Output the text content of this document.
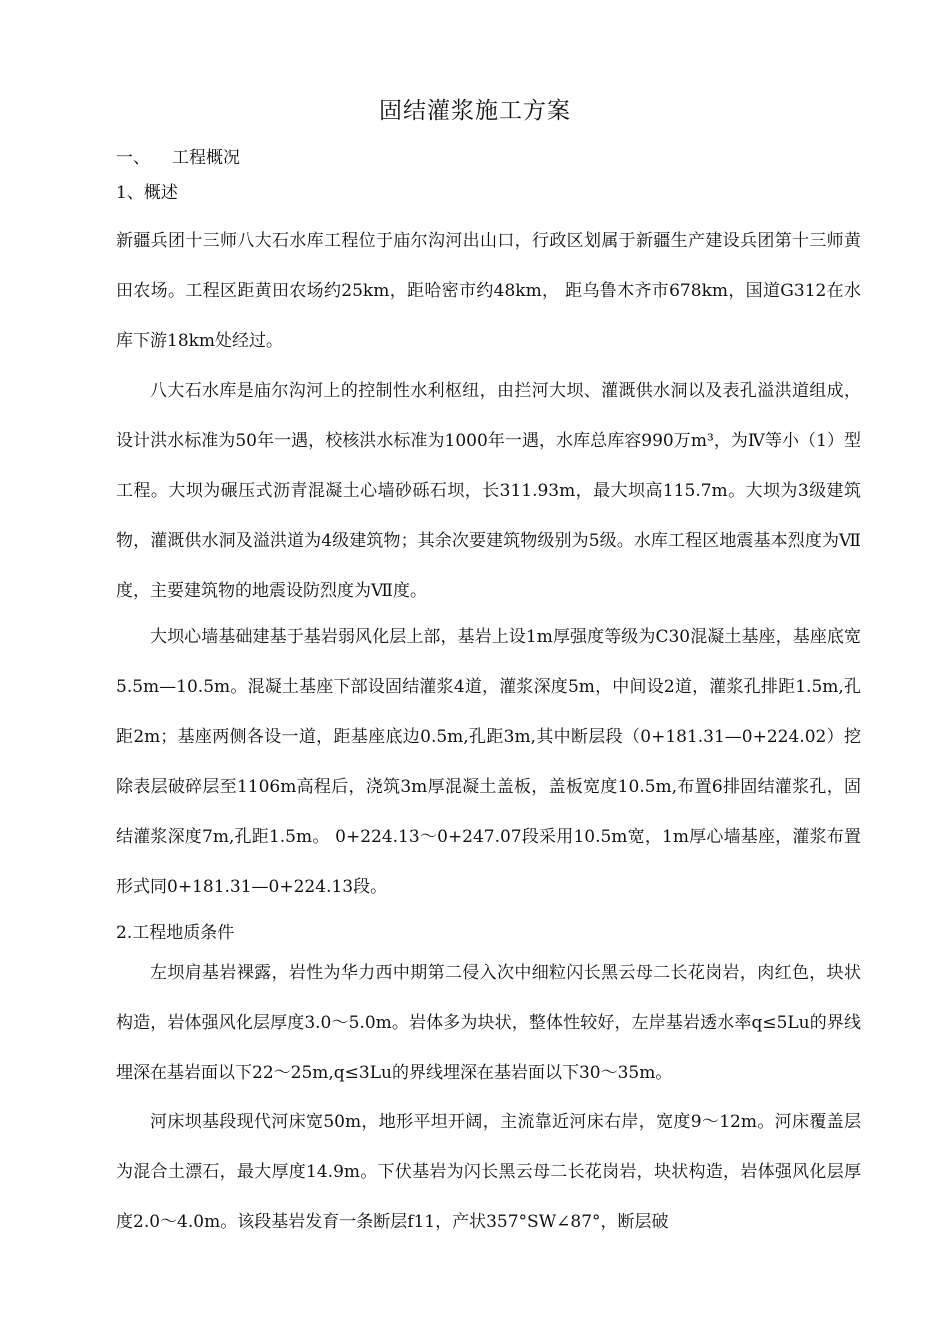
固结灌浆施工方案
一、 工程概况
1、概述

新疆兵团十三师八大石水库工程位于庙尔沟河出山口，行政区划属于新疆生产建设兵团第十三师黄田农场。工程区距黄田农场约25km，距哈密市约48km， 距乌鲁木齐市678km，国道G312在水库下游18km处经过。

八大石水库是庙尔沟河上的控制性水利枢纽，由拦河大坝、灌溉供水洞以及表孔溢洪道组成，设计洪水标准为50年一遇，校核洪水标准为1000年一遇，水库总库容990万m³，为Ⅳ等小（1）型工程。大坝为碾压式沥青混凝土心墙砂砾石坝，长311.93m，最大坝高115.7m。大坝为3级建筑物，灌溉供水洞及溢洪道为4级建筑物；其余次要建筑物级别为5级。水库工程区地震基本烈度为Ⅶ度，主要建筑物的地震设防烈度为Ⅶ度。

大坝心墙基础建基于基岩弱风化层上部，基岩上设1m厚强度等级为C30混凝土基座，基座底宽5.5m—10.5m。混凝土基座下部设固结灌浆4道，灌浆深度5m，中间设2道，灌浆孔排距1.5m,孔距2m；基座两侧各设一道，距基座底边0.5m,孔距3m,其中断层段（0+181.31—0+224.02）挖除表层破碎层至1106m高程后，浇筑3m厚混凝土盖板，盖板宽度10.5m,布置6排固结灌浆孔，固结灌浆深度7m,孔距1.5m。 0+224.13～0+247.07段采用10.5m宽，1m厚心墙基座，灌浆布置形式同0+181.31—0+224.13段。

2.工程地质条件

左坝肩基岩裸露，岩性为华力西中期第二侵入次中细粒闪长黑云母二长花岗岩，肉红色，块状构造，岩体强风化层厚度3.0～5.0m。岩体多为块状，整体性较好，左岸基岩透水率q≤5Lu的界线埋深在基岩面以下22～25m,q≤3Lu的界线埋深在基岩面以下30～35m。

河床坝基段现代河床宽50m，地形平坦开阔，主流靠近河床右岸，宽度9～12m。河床覆盖层为混合土漂石，最大厚度14.9m。下伏基岩为闪长黑云母二长花岗岩，块状构造，岩体强风化层厚度2.0～4.0m。该段基岩发育一条断层f11，产状357°SW∠87°，断层破
